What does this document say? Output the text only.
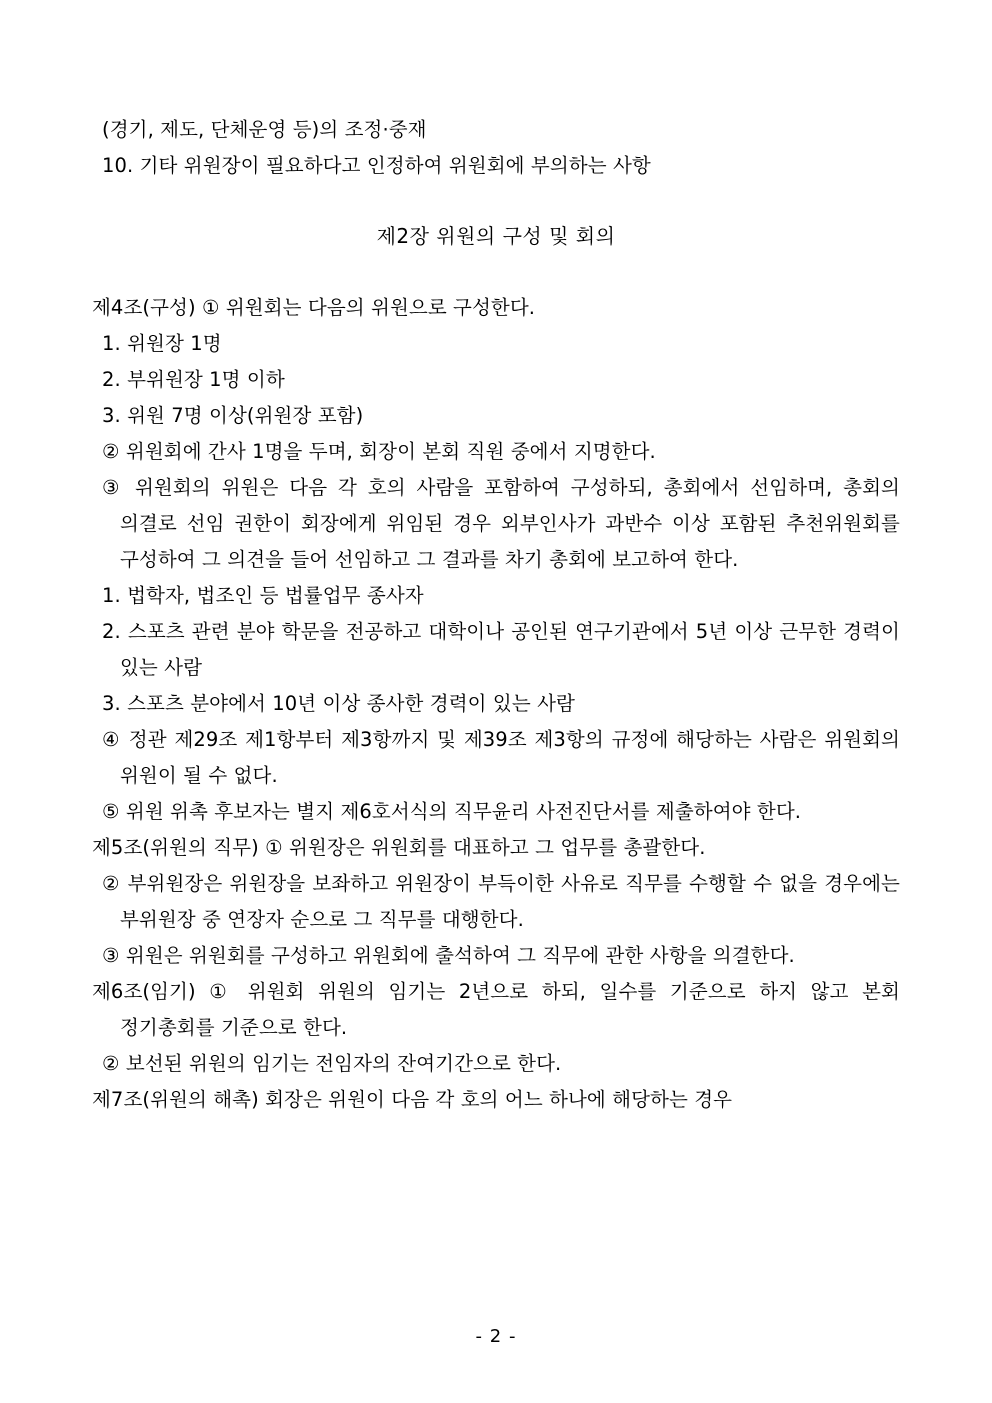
(경기, 제도, 단체운영 등)의 조정·중재

10. 기타 위원장이 필요하다고 인정하여 위원회에 부의하는 사항

제2장 위원의 구성 및 회의

제4조(구성) ① 위원회는 다음의 위원으로 구성한다.

1. 위원장 1명

2. 부위원장 1명 이하

3. 위원 7명 이상(위원장 포함)

② 위원회에 간사 1명을 두며, 회장이 본회 직원 중에서 지명한다.

③ 위원회의 위원은 다음 각 호의 사람을 포함하여 구성하되, 총회에서 선임하며, 총회의 의결로 선임 권한이 회장에게 위임된 경우 외부인사가 과반수 이상 포함된 추천위원회를 구성하여 그 의견을 들어 선임하고 그 결과를 차기 총회에 보고하여 한다.

1. 법학자, 법조인 등 법률업무 종사자

2. 스포츠 관련 분야 학문을 전공하고 대학이나 공인된 연구기관에서 5년 이상 근무한 경력이 있는 사람

3. 스포츠 분야에서 10년 이상 종사한 경력이 있는 사람

④ 정관 제29조 제1항부터 제3항까지 및 제39조 제3항의 규정에 해당하는 사람은 위원회의 위원이 될 수 없다.

⑤ 위원 위촉 후보자는 별지 제6호서식의 직무윤리 사전진단서를 제출하여야 한다.

제5조(위원의 직무) ① 위원장은 위원회를 대표하고 그 업무를 총괄한다.

② 부위원장은 위원장을 보좌하고 위원장이 부득이한 사유로 직무를 수행할 수 없을 경우에는 부위원장 중 연장자 순으로 그 직무를 대행한다.

③ 위원은 위원회를 구성하고 위원회에 출석하여 그 직무에 관한 사항을 의결한다.

제6조(임기) ① 위원회 위원의 임기는 2년으로 하되, 일수를 기준으로 하지 않고 본회 정기총회를 기준으로 한다.

② 보선된 위원의 임기는 전임자의 잔여기간으로 한다.

제7조(위원의 해촉) 회장은 위원이 다음 각 호의 어느 하나에 해당하는 경우

- 2 -
